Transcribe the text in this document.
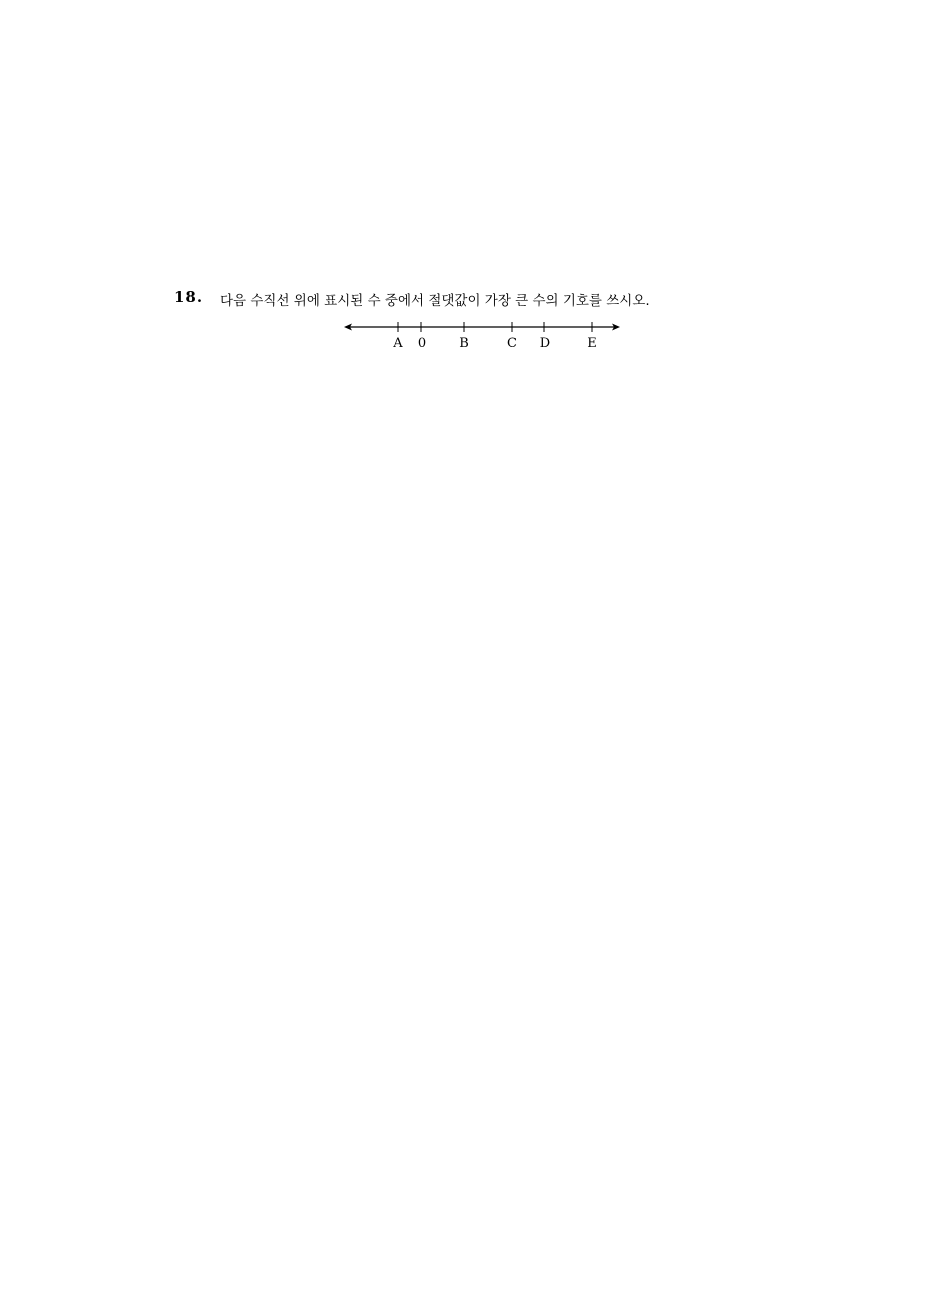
18. 다음 수직선 위에 표시된 수 중에서 절댓값이 가장 큰 수의 기호를 쓰시오.
A 0	B	C D	E
